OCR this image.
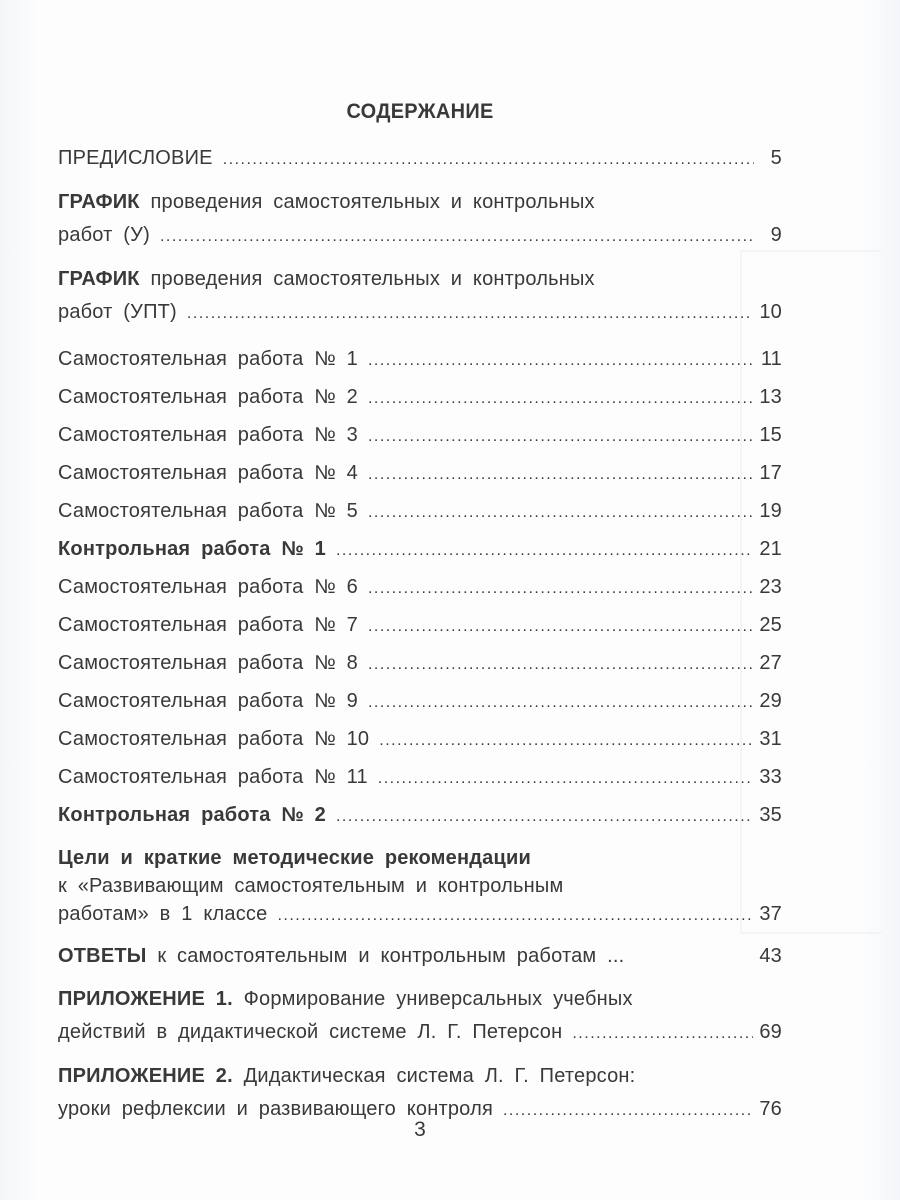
СОДЕРЖАНИЕ
ПРЕДИСЛОВИЕ .....	5
ГРАФИК проведения самостоятельных и контрольных
работ (У) .....	9
ГРАФИК проведения самостоятельных и контрольных
работ (УПТ) .....	10
Самостоятельная работа № 1 .....	11
Самостоятельная работа № 2 .....	13
Самостоятельная работа № 3 .....	15
Самостоятельная работа № 4 .....	17
Самостоятельная работа № 5 .....	19
Контрольная работа № 1 .....	21
Самостоятельная работа № 6 .....	23
Самостоятельная работа № 7 .....	25
Самостоятельная работа № 8 .....	27
Самостоятельная работа № 9 .....	29
Самостоятельная работа № 10 .....	31
Самостоятельная работа № 11 .....	33
Контрольная работа № 2 .....	35
Цели и краткие методические рекомендации
к «Развивающим самостоятельным и контрольным
работам» в 1 классе .....	37
ОТВЕТЫ к самостоятельным и контрольным работам ...	43
ПРИЛОЖЕНИЕ 1. Формирование универсальных учебных
действий в дидактической системе Л. Г. Петерсон .....	69
ПРИЛОЖЕНИЕ 2. Дидактическая система Л. Г. Петерсон:
уроки рефлексии и развивающего контроля .....	76
3
